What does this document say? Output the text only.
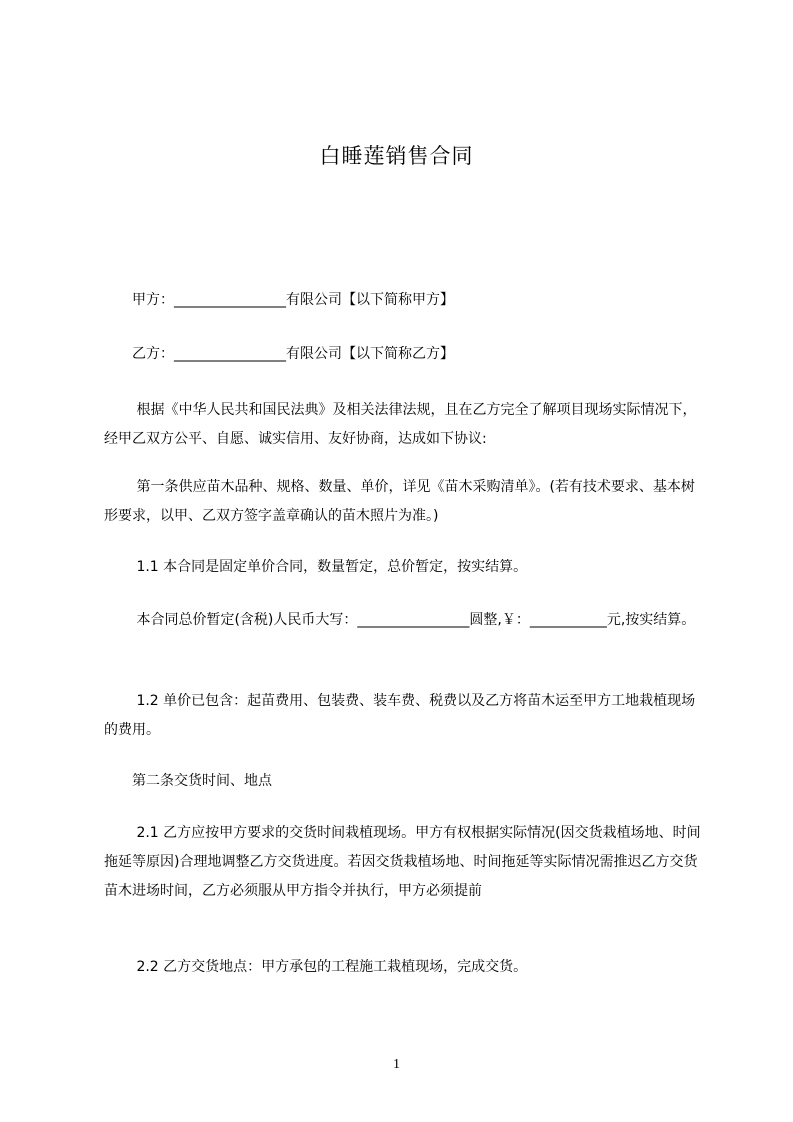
白睡莲销售合同
　　甲方：________________有限公司【以下简称甲方】
　　乙方：________________有限公司【以下简称乙方】
　　 根据《中华人民共和国民法典》及相关法律法规，且在乙方完全了解项目现场实际情况下，经甲乙双方公平、自愿、诚实信用、友好协商，达成如下协议:
　　 第一条供应苗木品种、规格、数量、单价，详见《苗木采购清单》。(若有技术要求、基本树形要求，以甲、乙双方签字盖章确认的苗木照片为准。)
　　 1.1 本合同是固定单价合同，数量暂定，总价暂定，按实结算。
　　 本合同总价暂定(含税)人民币大写：________________圆整,￥：___________元,按实结算。
　　 1.2 单价已包含：起苗费用、包装费、装车费、税费以及乙方将苗木运至甲方工地栽植现场的费用。
　　第二条交货时间、地点
　　 2.1 乙方应按甲方要求的交货时间栽植现场。甲方有权根据实际情况(因交货栽植场地、时间拖延等原因)合理地调整乙方交货进度。若因交货栽植场地、时间拖延等实际情况需推迟乙方交货苗木进场时间，乙方必须服从甲方指令并执行，甲方必须提前
　　 2.2 乙方交货地点：甲方承包的工程施工栽植现场，完成交货。
1
